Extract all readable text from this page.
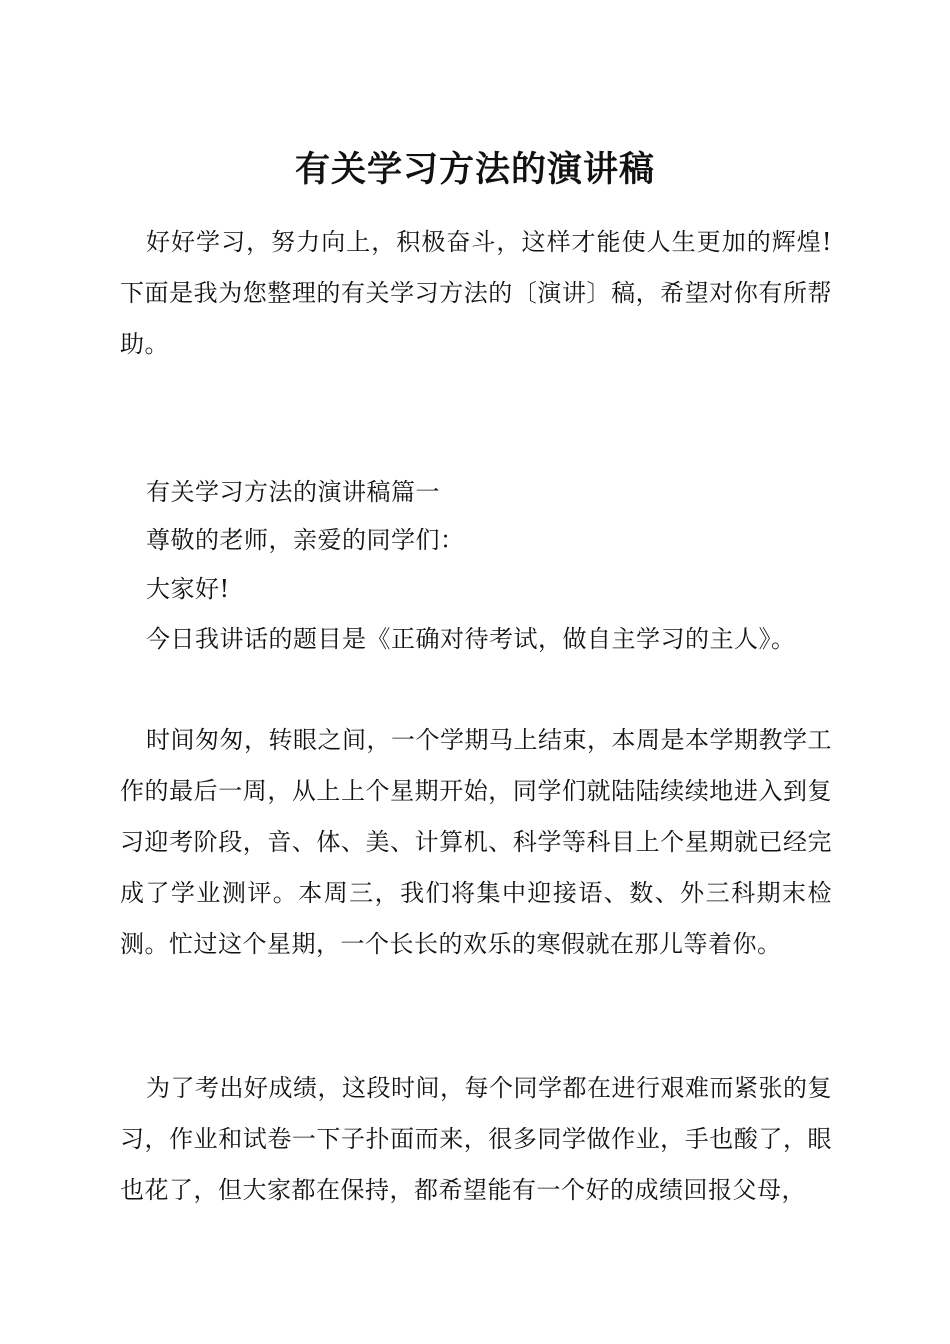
有关学习方法的演讲稿

好好学习，努力向上，积极奋斗，这样才能使人生更加的辉煌!下面是我为您整理的有关学习方法的〔演讲〕稿，希望对你有所帮助。

有关学习方法的演讲稿篇一

尊敬的老师，亲爱的同学们：

大家好!

今日我讲话的题目是《正确对待考试，做自主学习的主人》。

时间匆匆，转眼之间，一个学期马上结束，本周是本学期教学工作的最后一周，从上上个星期开始，同学们就陆陆续续地进入到复习迎考阶段，音、体、美、计算机、科学等科目上个星期就已经完成了学业测评。本周三，我们将集中迎接语、数、外三科期末检测。忙过这个星期，一个长长的欢乐的寒假就在那儿等着你。

为了考出好成绩，这段时间，每个同学都在进行艰难而紧张的复习，作业和试卷一下子扑面而来，很多同学做作业，手也酸了，眼也花了，但大家都在保持，都希望能有一个好的成绩回报父母，
